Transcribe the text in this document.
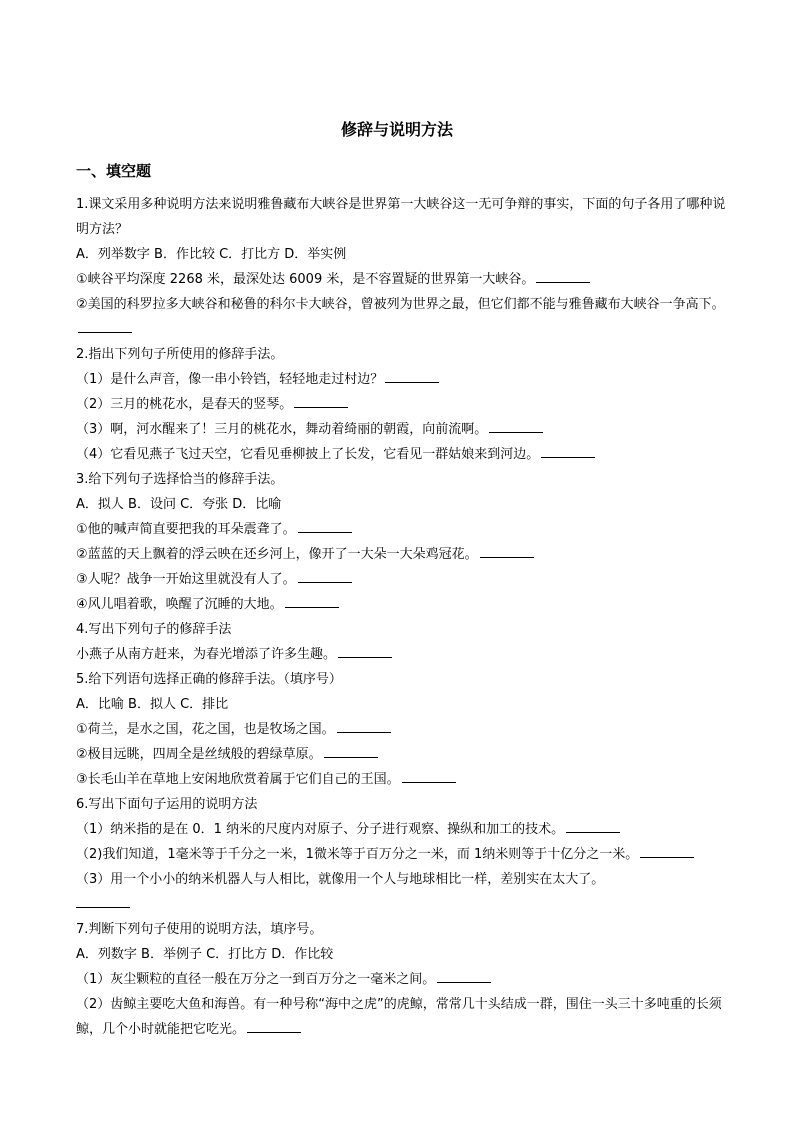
修辞与说明方法
一、填空题
1.课文采用多种说明方法来说明雅鲁藏布大峡谷是世界第一大峡谷这一无可争辩的事实，下面的句子各用了哪种说明方法？
A．列举数字 B．作比较 C．打比方 D．举实例
①峡谷平均深度 2268 米，最深处达 6009 米，是不容置疑的世界第一大峡谷。
②美国的科罗拉多大峡谷和秘鲁的科尔卡大峡谷，曾被列为世界之最，但它们都不能与雅鲁藏布大峡谷一争高下。
2.指出下列句子所使用的修辞手法。
（1）是什么声音，像一串小铃铛，轻轻地走过村边？
（2）三月的桃花水，是春天的竖琴。
（3）啊，河水醒来了！三月的桃花水，舞动着绮丽的朝霞，向前流啊。
（4）它看见燕子飞过天空，它看见垂柳披上了长发，它看见一群姑娘来到河边。
3.给下列句子选择恰当的修辞手法。
A．拟人 B．设问 C．夸张 D．比喻
①他的喊声简直要把我的耳朵震聋了。
②蓝蓝的天上飘着的浮云映在还乡河上，像开了一大朵一大朵鸡冠花。
③人呢？战争一开始这里就没有人了。
④风儿唱着歌，唤醒了沉睡的大地。
4.写出下列句子的修辞手法
小燕子从南方赶来，为春光增添了许多生趣。
5.给下列语句选择正确的修辞手法。（填序号）
A．比喻 B．拟人 C．排比
①荷兰，是水之国，花之国，也是牧场之国。
②极目远眺，四周全是丝绒般的碧绿草原。
③长毛山羊在草地上安闲地欣赏着属于它们自己的王国。
6.写出下面句子运用的说明方法
（1）纳米指的是在 0．1 纳米的尺度内对原子、分子进行观察、操纵和加工的技术。
（2)我们知道，1毫米等于千分之一米，1微米等于百万分之一米，而 1纳米则等于十亿分之一米。
（3）用一个小小的纳米机器人与人相比，就像用一个人与地球相比一样，差别实在太大了。
7.判断下列句子使用的说明方法，填序号。
A．列数字 B．举例子 C．打比方 D．作比较
（1）灰尘颗粒的直径一般在万分之一到百万分之一毫米之间。
（2）齿鲸主要吃大鱼和海兽。有一种号称“海中之虎”的虎鲸，常常几十头结成一群，围住一头三十多吨重的长须鲸，几个小时就能把它吃光。
